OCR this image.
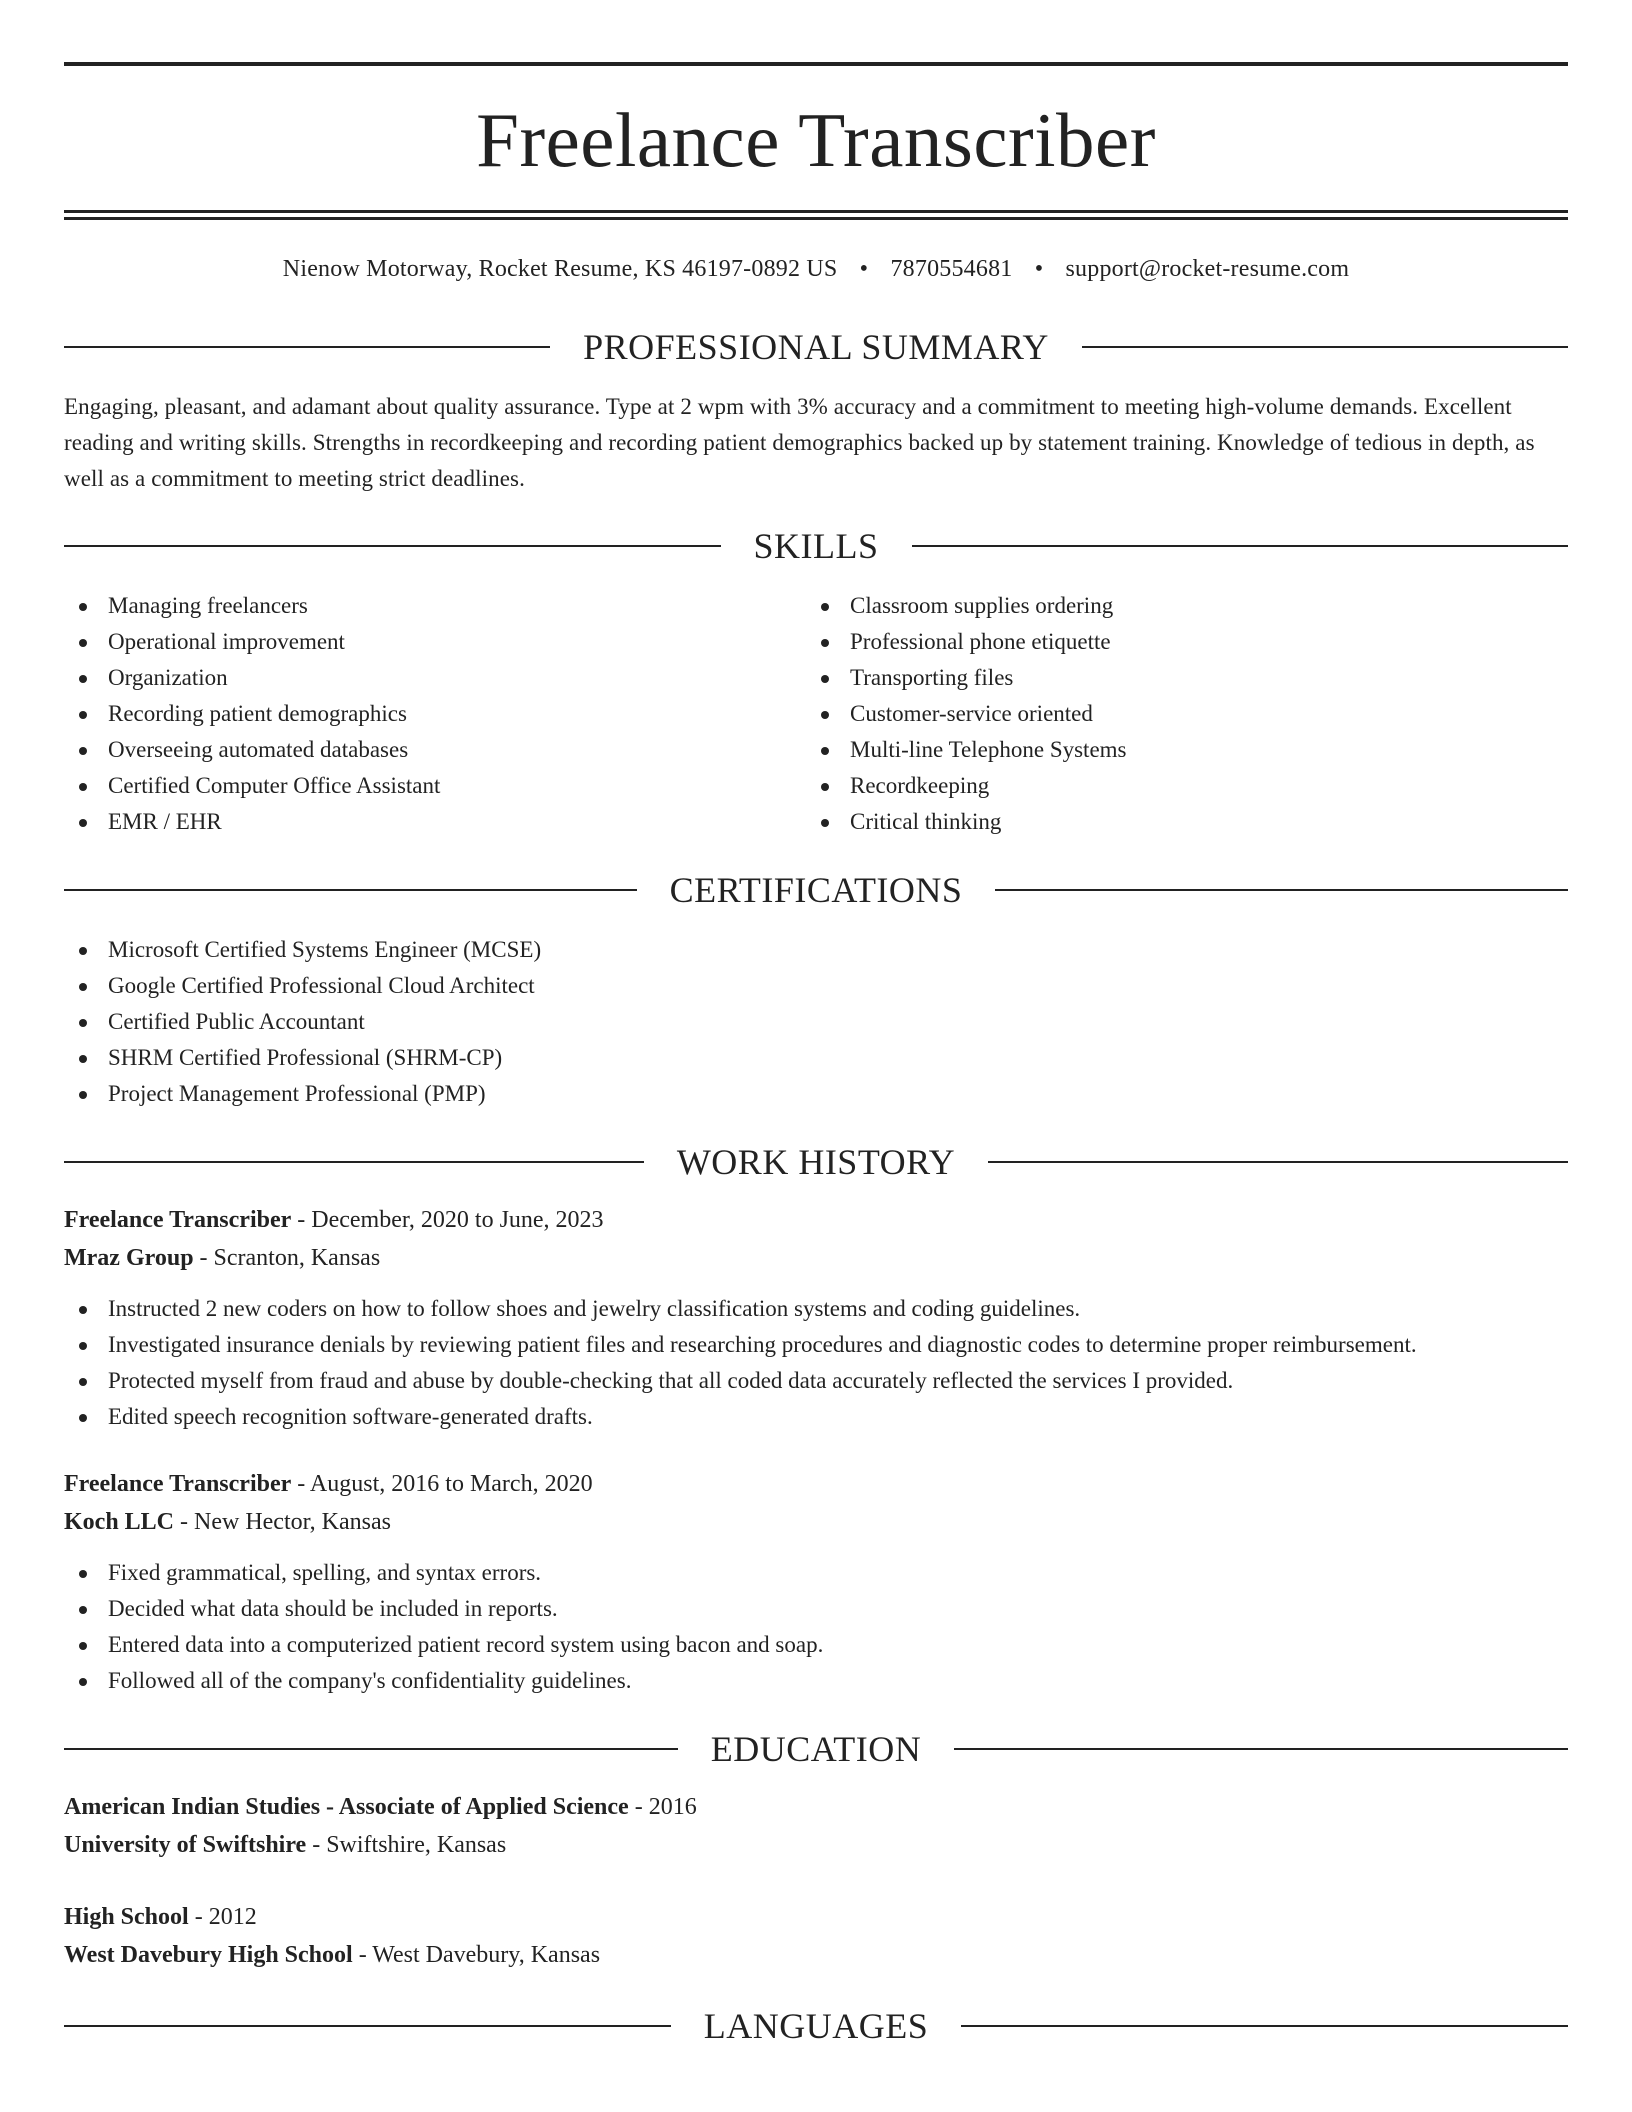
Freelance Transcriber
Nienow Motorway, Rocket Resume, KS 46197-0892 US • 7870554681 • support@rocket-resume.com
PROFESSIONAL SUMMARY

Engaging, pleasant, and adamant about quality assurance. Type at 2 wpm with 3% accuracy and a commitment to meeting high-volume demands. Excellent reading and writing skills. Strengths in recordkeeping and recording patient demographics backed up by statement training. Knowledge of tedious in depth, as well as a commitment to meeting strict deadlines.

SKILLS
Managing freelancers
Operational improvement
Organization
Recording patient demographics
Overseeing automated databases
Certified Computer Office Assistant
EMR / EHR
Classroom supplies ordering
Professional phone etiquette
Transporting files
Customer-service oriented
Multi-line Telephone Systems
Recordkeeping
Critical thinking
CERTIFICATIONS
Microsoft Certified Systems Engineer (MCSE)
Google Certified Professional Cloud Architect
Certified Public Accountant
SHRM Certified Professional (SHRM-CP)
Project Management Professional (PMP)
WORK HISTORY
Freelance Transcriber - December, 2020 to June, 2023
Mraz Group - Scranton, Kansas
Instructed 2 new coders on how to follow shoes and jewelry classification systems and coding guidelines.
Investigated insurance denials by reviewing patient files and researching procedures and diagnostic codes to determine proper reimbursement.
Protected myself from fraud and abuse by double-checking that all coded data accurately reflected the services I provided.
Edited speech recognition software-generated drafts.
Freelance Transcriber - August, 2016 to March, 2020
Koch LLC - New Hector, Kansas
Fixed grammatical, spelling, and syntax errors.
Decided what data should be included in reports.
Entered data into a computerized patient record system using bacon and soap.
Followed all of the company's confidentiality guidelines.
EDUCATION
American Indian Studies - Associate of Applied Science - 2016
University of Swiftshire - Swiftshire, Kansas
High School - 2012
West Davebury High School - West Davebury, Kansas
LANGUAGES
